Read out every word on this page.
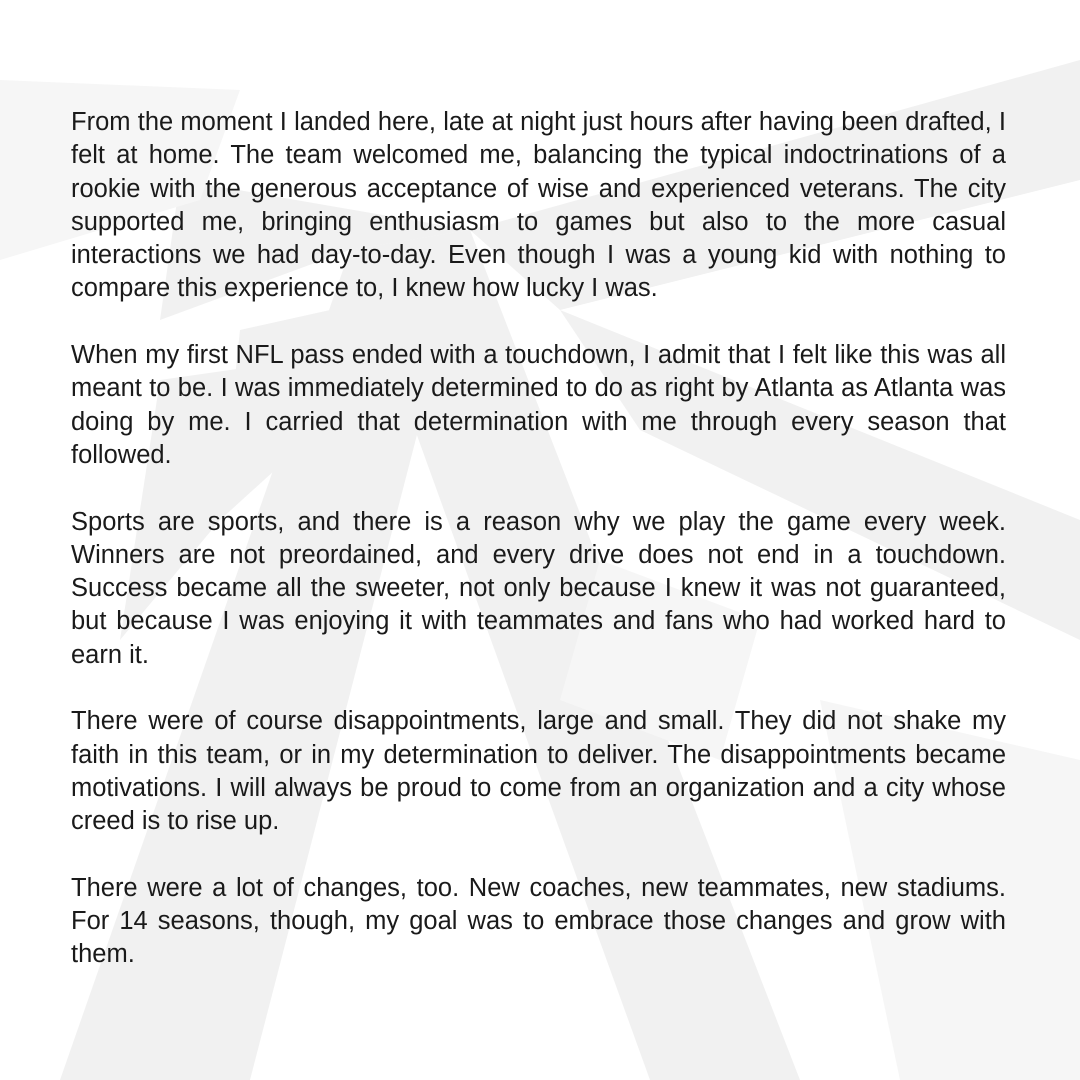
From the moment I landed here, late at night just hours after having been drafted, I felt at home. The team welcomed me, balancing the typical indoctrinations of a rookie with the generous acceptance of wise and experienced veterans. The city supported me, bringing enthusiasm to games but also to the more casual interactions we had day-to-day. Even though I was a young kid with nothing to compare this experience to, I knew how lucky I was.

When my first NFL pass ended with a touchdown, I admit that I felt like this was all meant to be. I was immediately determined to do as right by Atlanta as Atlanta was doing by me. I carried that determination with me through every season that followed.

Sports are sports, and there is a reason why we play the game every week. Winners are not preordained, and every drive does not end in a touchdown. Success became all the sweeter, not only because I knew it was not guaranteed, but because I was enjoying it with teammates and fans who had worked hard to earn it.

There were of course disappointments, large and small. They did not shake my faith in this team, or in my determination to deliver. The disappointments became motivations. I will always be proud to come from an organization and a city whose creed is to rise up.

There were a lot of changes, too. New coaches, new teammates, new stadiums. For 14 seasons, though, my goal was to embrace those changes and grow with them.
